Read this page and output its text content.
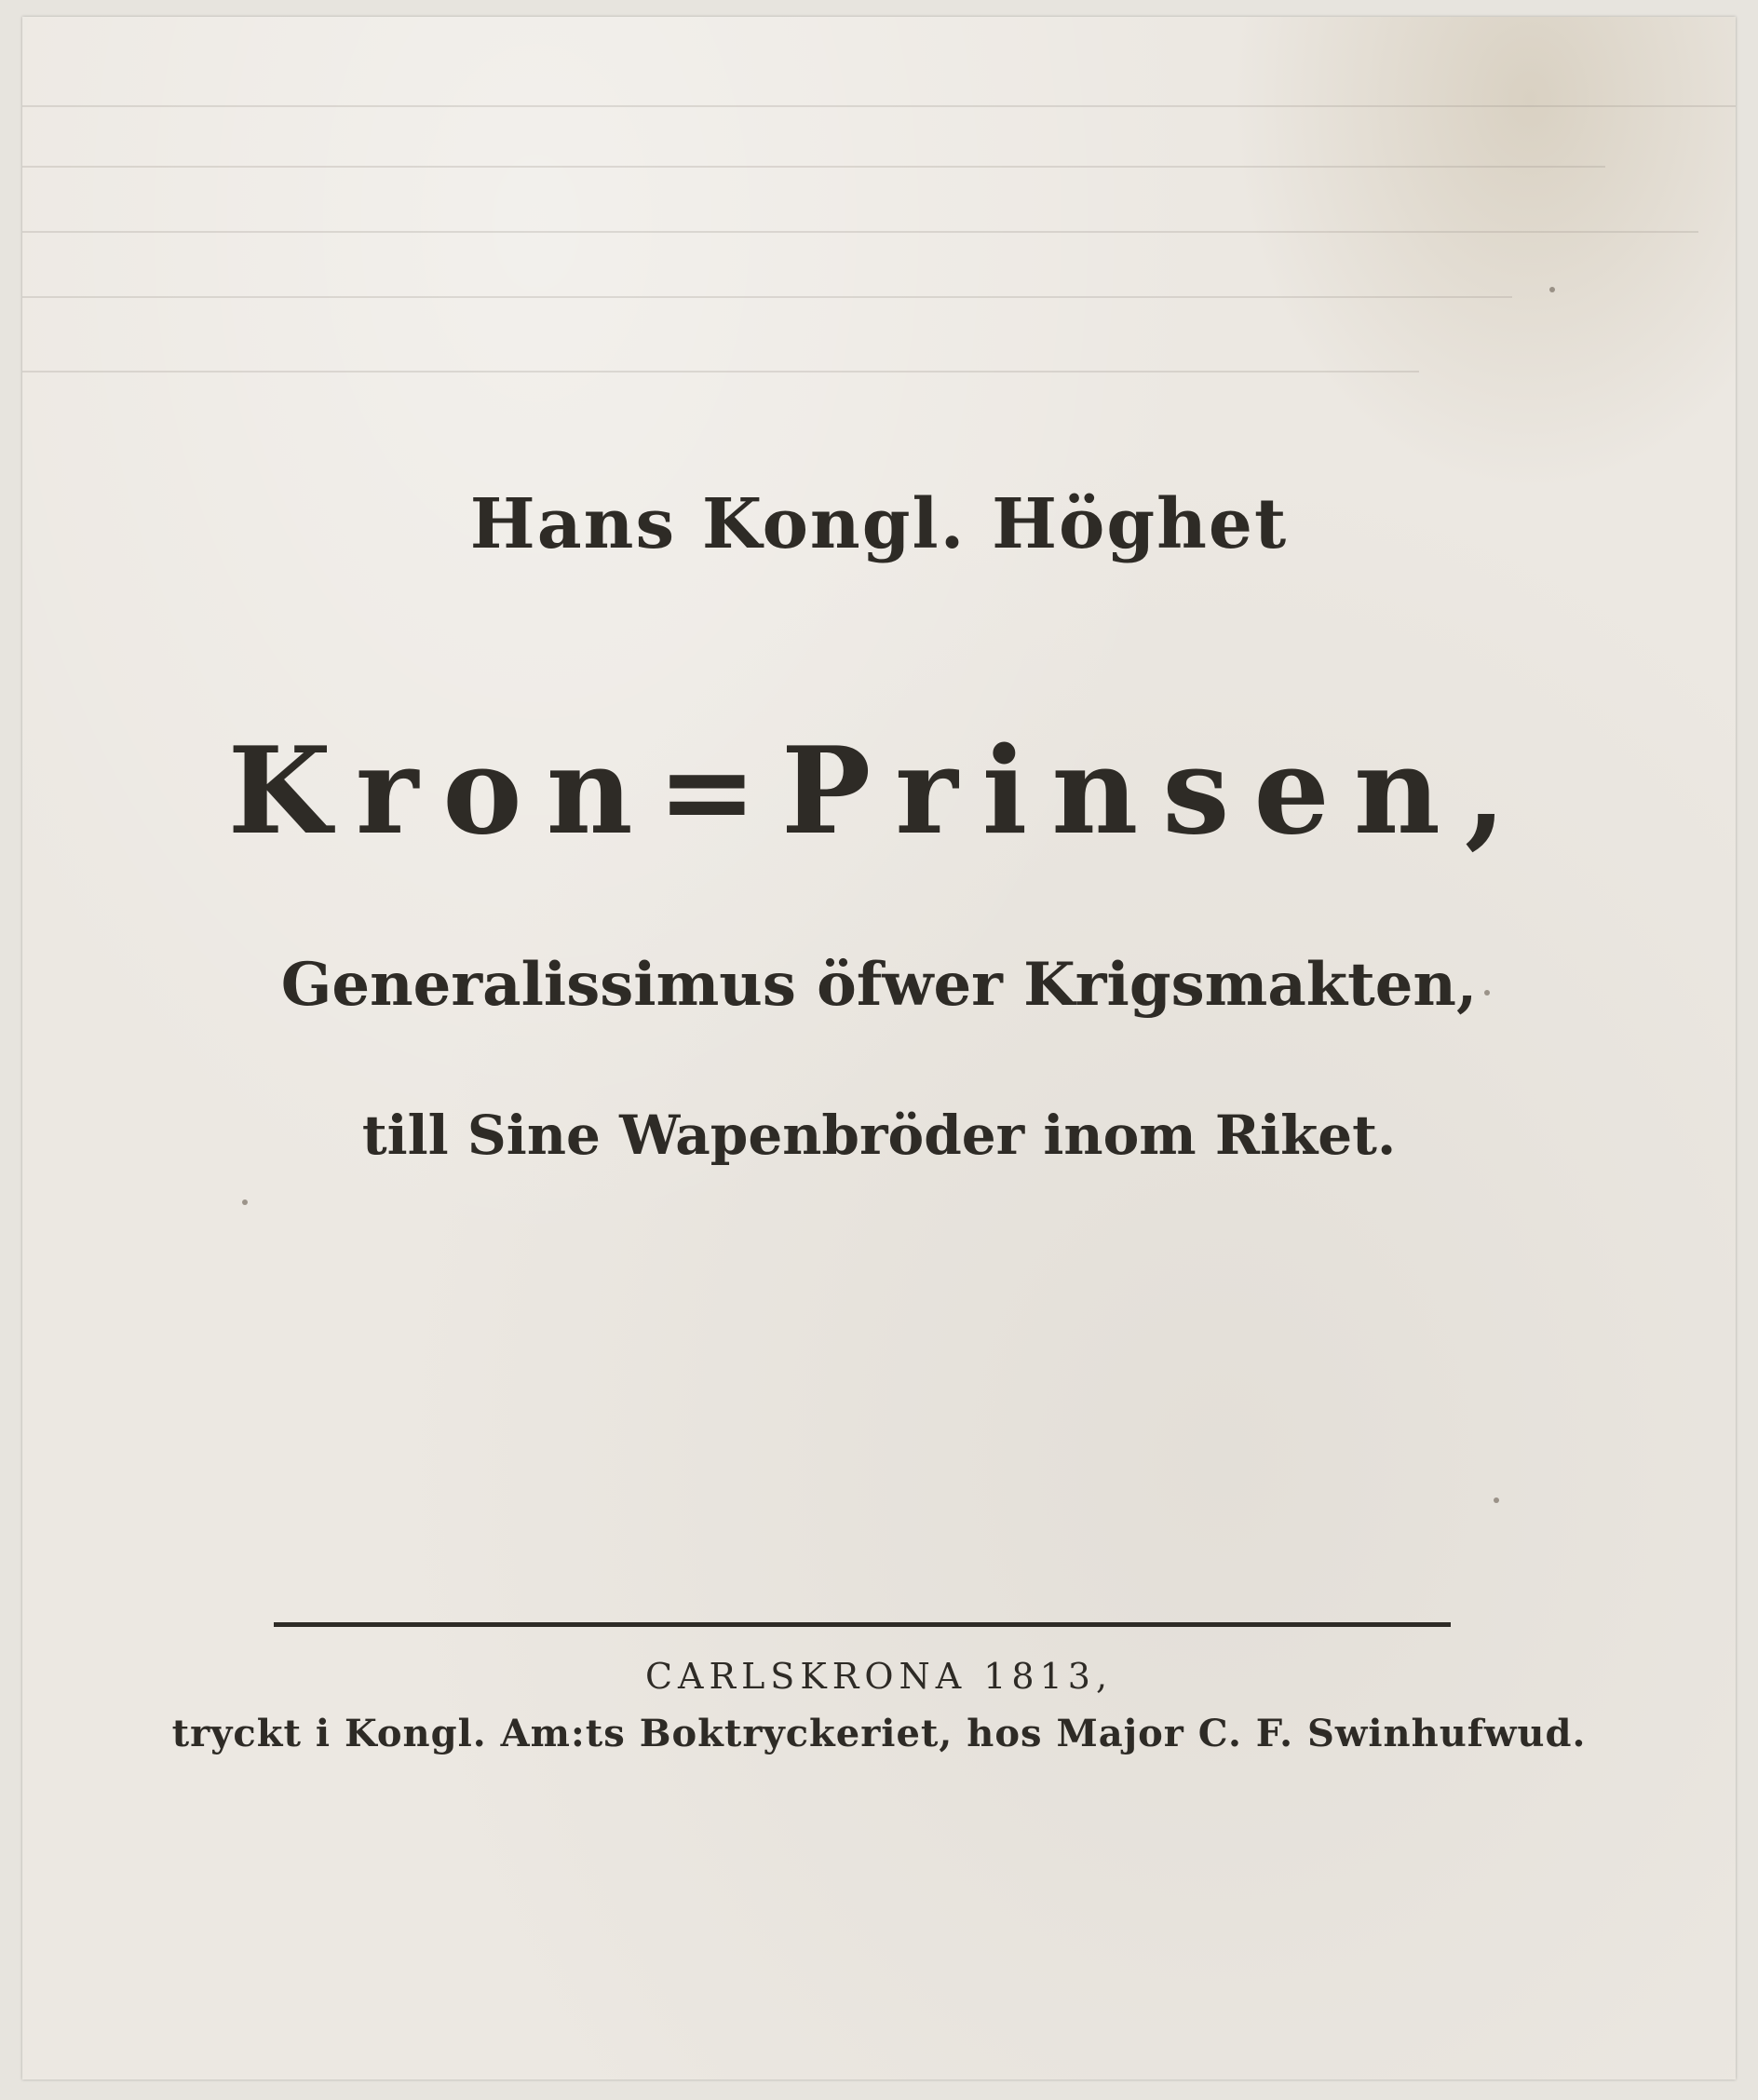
Hans Kongl. Höghet
Kron=Prinsen,
Generalissimus öfwer Krigsmakten,
till Sine Wapenbröder inom Riket.
CARLSKRONA 1813,
tryckt i Kongl. Am:ts Boktryckeriet, hos Major C. F. Swinhufwud.
